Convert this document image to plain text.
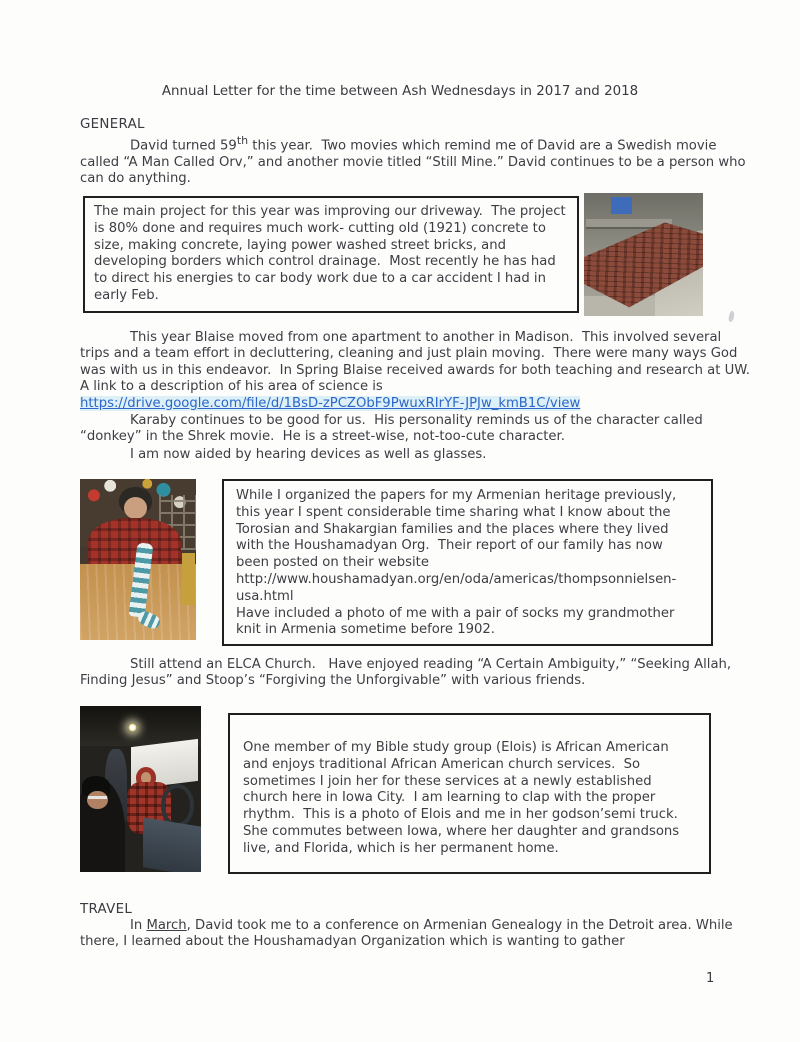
Annual Letter for the time between Ash Wednesdays in 2017 and 2018
GENERAL

David turned 59th this year.  Two movies which remind me of David are a Swedish movie called “A Man Called Orv,” and another movie titled “Still Mine.” David continues to be a person who can do anything.

The main project for this year was improving our driveway.  The project is 80% done and requires much work- cutting old (1921) concrete to size, making concrete, laying power washed street bricks, and developing borders which control drainage.  Most recently he has had to direct his energies to car body work due to a car accident I had in early Feb.

This year Blaise moved from one apartment to another in Madison.  This involved several trips and a team effort in decluttering, cleaning and just plain moving.  There were many ways God was with us in this endeavor.  In Spring Blaise received awards for both teaching and research at UW.   A link to a description of his area of science is

https://drive.google.com/file/d/1BsD-zPCZObF9PwuxRIrYF-JPJw_kmB1C/view

Karaby continues to be good for us.  His personality reminds us of the character called “donkey” in the Shrek movie.  He is a street-wise, not-too-cute character.

I am now aided by hearing devices as well as glasses.

While I organized the papers for my Armenian heritage previously, this year I spent considerable time sharing what I know about the Torosian and Shakargian families and the places where they lived with the Houshamadyan Org.  Their report of our family has now been posted on their website
http://www.houshamadyan.org/en/oda/americas/thompsonnielsen-usa.html
Have included a photo of me with a pair of socks my grandmother knit in Armenia sometime before 1902.

Still attend an ELCA Church.   Have enjoyed reading “A Certain Ambiguity,” “Seeking Allah, Finding Jesus” and Stoop’s “Forgiving the Unforgivable” with various friends.

One member of my Bible study group (Elois) is African American and enjoys traditional African American church services.  So sometimes I join her for these services at a newly established church here in Iowa City.  I am learning to clap with the proper rhythm.  This is a photo of Elois and me in her godson’semi truck. She commutes between Iowa, where her daughter and grandsons live, and Florida, which is her permanent home.
TRAVEL

In March, David took me to a conference on Armenian Genealogy in the Detroit area. While there, I learned about the Houshamadyan Organization which is wanting to gather

1
